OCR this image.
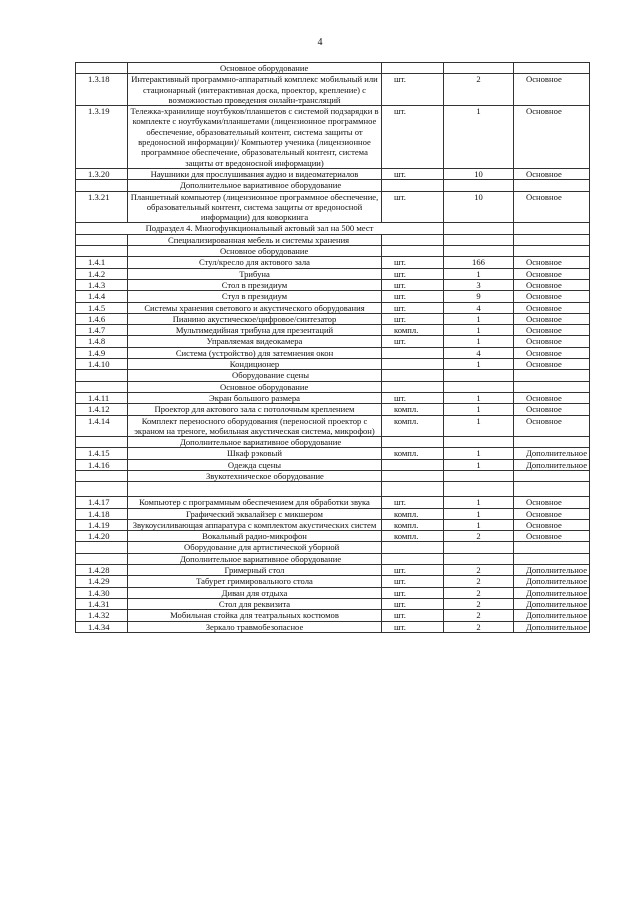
4
	Основное оборудование			
1.3.18	Интерактивный программно-аппаратный комплекс мобильный или стационарный (интерактивная доска, проектор, крепление) с возможностью проведения онлайн-трансляций	шт.	2	Основное
1.3.19	Тележка-хранилище ноутбуков/планшетов с системой подзарядки в комплекте с ноутбуками/планшетами (лицензионное программное обеспечение, образовательный контент, система защиты от вредоносной информации)/ Компьютер ученика (лицензионное программное обеспечение, образовательный контент, система защиты от вредоносной информации)	шт.	1	Основное
1.3.20	Наушники для прослушивания аудио и видеоматериалов	шт.	10	Основное
	Дополнительное вариативное оборудование			
1.3.21	Планшетный компьютер (лицензионное программное обеспечение, образовательный контент, система защиты от вредоносной информации) для коворкинга	шт.	10	Основное
Подраздел 4. Многофункциональный актовый зал на 500 мест				
	Специализированная мебель и системы хранения			
	Основное оборудование			
1.4.1	Стул/кресло для актового зала	шт.	166	Основное
1.4.2	Трибуна	шт.	1	Основное
1.4.3	Стол в президиум	шт.	3	Основное
1.4.4	Стул в президиум	шт.	9	Основное
1.4.5	Системы хранения светового и акустического оборудования	шт.	4	Основное
1.4.6	Пианино акустическое/цифровое/синтезатор	шт.	1	Основное
1.4.7	Мультимедийная трибуна для презентаций	компл.	1	Основное
1.4.8	Управляемая видеокамера	шт.	1	Основное
1.4.9	Система (устройство) для затемнения окон		4	Основное
1.4.10	Кондиционер		1	Основное
	Оборудование сцены			
	Основное оборудование			
1.4.11	Экран большого размера	шт.	1	Основное
1.4.12	Проектор для актового зала с потолочным креплением	компл.	1	Основное
1.4.14	Комплект переносного оборудования (переносной проектор с экраном на треноге, мобильная акустическая система, микрофон)	компл.	1	Основное
	Дополнительное вариативное оборудование			
1.4.15	Шкаф рэковый	компл.	1	Дополнительное
1.4.16	Одежда сцены		1	Дополнительное
	Звукотехническое оборудование			

1.4.17	Компьютер с программным обеспечением для обработки звука	шт.	1	Основное
1.4.18	Графический эквалайзер с микшером	компл.	1	Основное
1.4.19	Звукоусиливающая аппаратура с комплектом акустических систем	компл.	1	Основное
1.4.20	Вокальный радио-микрофон	компл.	2	Основное
	Оборудование для артистической уборной			
	Дополнительное вариативное оборудование			
1.4.28	Гримерный стол	шт.	2	Дополнительное
1.4.29	Табурет гримировального стола	шт.	2	Дополнительное
1.4.30	Диван для отдыха	шт.	2	Дополнительное
1.4.31	Стол для реквизита	шт.	2	Дополнительное
1.4.32	Мобильная стойка для театральных костюмов	шт.	2	Дополнительное
1.4.34	Зеркало травмобезопасное	шт.	2	Дополнительное
